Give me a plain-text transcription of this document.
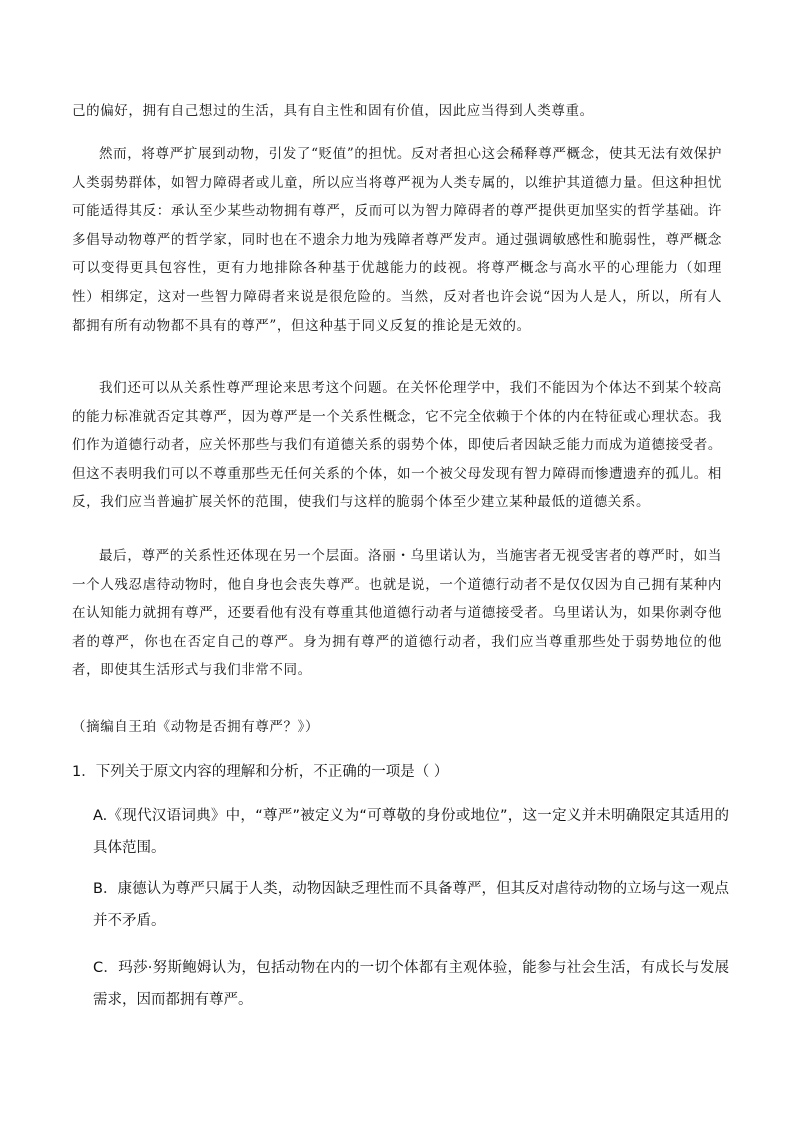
己的偏好，拥有自己想过的生活，具有自主性和固有价值，因此应当得到人类尊重。

然而，将尊严扩展到动物，引发了“贬值”的担忧。反对者担心这会稀释尊严概念，使其无法有效保护人类弱势群体，如智力障碍者或儿童，所以应当将尊严视为人类专属的，以维护其道德力量。但这种担忧可能适得其反：承认至少某些动物拥有尊严，反而可以为智力障碍者的尊严提供更加坚实的哲学基础。许多倡导动物尊严的哲学家，同时也在不遗余力地为残障者尊严发声。通过强调敏感性和脆弱性，尊严概念可以变得更具包容性，更有力地排除各种基于优越能力的歧视。将尊严概念与高水平的心理能力（如理性）相绑定，这对一些智力障碍者来说是很危险的。当然，反对者也许会说“因为人是人，所以，所有人都拥有所有动物都不具有的尊严”，但这种基于同义反复的推论是无效的。

我们还可以从关系性尊严理论来思考这个问题。在关怀伦理学中，我们不能因为个体达不到某个较高的能力标准就否定其尊严，因为尊严是一个关系性概念，它不完全依赖于个体的内在特征或心理状态。我们作为道德行动者，应关怀那些与我们有道德关系的弱势个体，即使后者因缺乏能力而成为道德接受者。但这不表明我们可以不尊重那些无任何关系的个体，如一个被父母发现有智力障碍而惨遭遗弃的孤儿。相反，我们应当普遍扩展关怀的范围，使我们与这样的脆弱个体至少建立某种最低的道德关系。

最后，尊严的关系性还体现在另一个层面。洛丽・乌里诺认为，当施害者无视受害者的尊严时，如当一个人残忍虐待动物时，他自身也会丧失尊严。也就是说，一个道德行动者不是仅仅因为自己拥有某种内在认知能力就拥有尊严，还要看他有没有尊重其他道德行动者与道德接受者。乌里诺认为，如果你剥夺他者的尊严，你也在否定自己的尊严。身为拥有尊严的道德行动者，我们应当尊重那些处于弱势地位的他者，即使其生活形式与我们非常不同。

（摘编自王珀《动物是否拥有尊严？》）

1．下列关于原文内容的理解和分析，不正确的一项是（ ）

A.《现代汉语词典》中，“尊严”被定义为“可尊敬的身份或地位”，这一定义并未明确限定其适用的具体范围。

B．康德认为尊严只属于人类，动物因缺乏理性而不具备尊严，但其反对虐待动物的立场与这一观点并不矛盾。

C．玛莎·努斯鲍姆认为，包括动物在内的一切个体都有主观体验，能参与社会生活，有成长与发展需求，因而都拥有尊严。
